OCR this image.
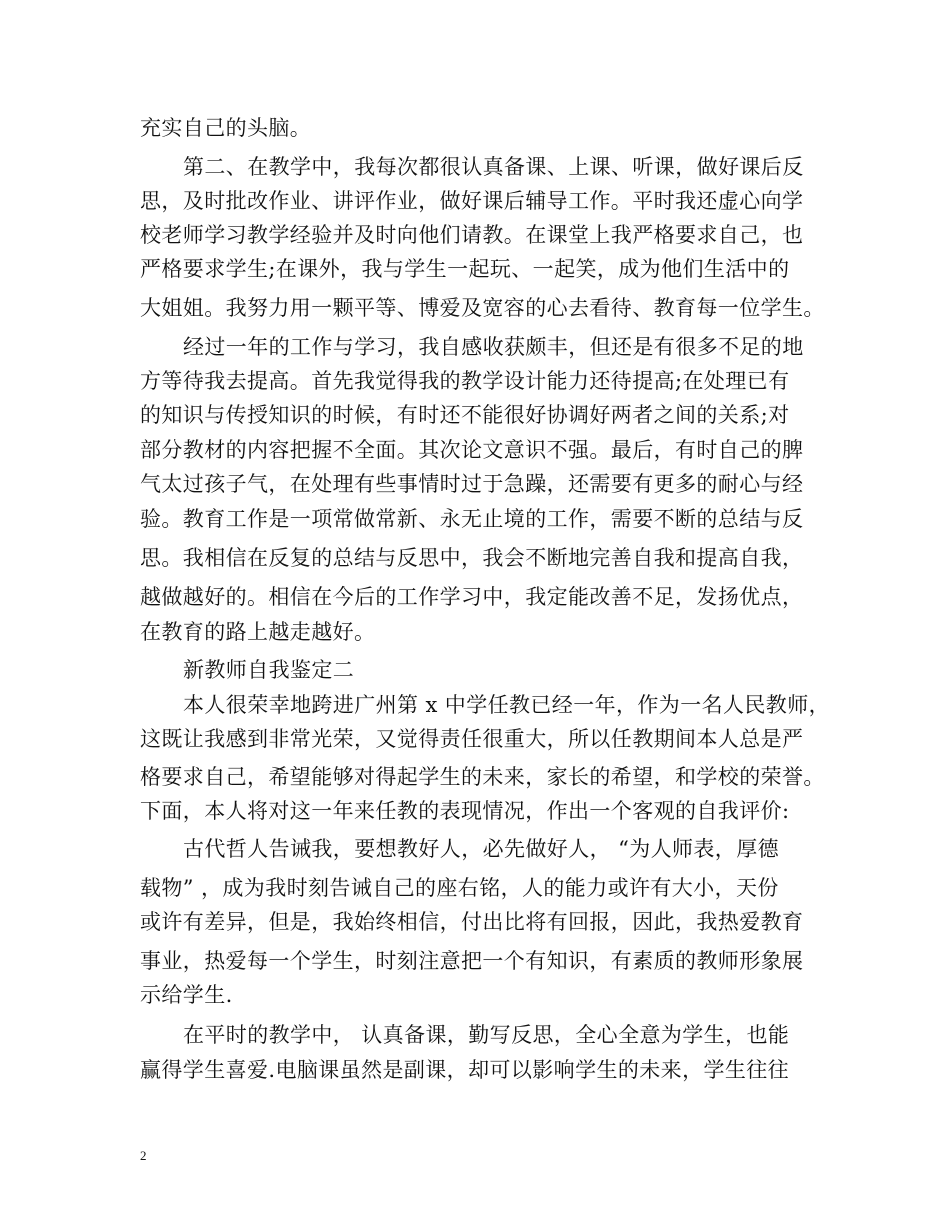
充实自己的头脑。
第二、在教学中，我每次都很认真备课、上课、听课，做好课后反
思，及时批改作业、讲评作业，做好课后辅导工作。平时我还虚心向学
校老师学习教学经验并及时向他们请教。在课堂上我严格要求自己，也
严格要求学生;在课外，我与学生一起玩、一起笑，成为他们生活中的
大姐姐。我努力用一颗平等、博爱及宽容的心去看待、教育每一位学生。
经过一年的工作与学习，我自感收获颇丰，但还是有很多不足的地
方等待我去提高。首先我觉得我的教学设计能力还待提高;在处理已有
的知识与传授知识的时候，有时还不能很好协调好两者之间的关系;对
部分教材的内容把握不全面。其次论文意识不强。最后，有时自己的脾
气太过孩子气，在处理有些事情时过于急躁，还需要有更多的耐心与经
验。教育工作是一项常做常新、永无止境的工作，需要不断的总结与反
思。我相信在反复的总结与反思中，我会不断地完善自我和提高自我，
越做越好的。相信在今后的工作学习中，我定能改善不足，发扬优点，
在教育的路上越走越好。
新教师自我鉴定二
本人很荣幸地跨进广州第 x 中学任教已经一年，作为一名人民教师，
这既让我感到非常光荣，又觉得责任很重大，所以任教期间本人总是严
格要求自己，希望能够对得起学生的未来，家长的希望，和学校的荣誉。
下面，本人将对这一年来任教的表现情况，作出一个客观的自我评价:
古代哲人告诫我，要想教好人，必先做好人， “为人师表，厚德
载物” ，成为我时刻告诫自己的座右铭，人的能力或许有大小，天份
或许有差异，但是，我始终相信，付出比将有回报，因此，我热爱教育
事业，热爱每一个学生，时刻注意把一个有知识，有素质的教师形象展
示给学生.
在平时的教学中， 认真备课，勤写反思，全心全意为学生，也能
赢得学生喜爱.电脑课虽然是副课，却可以影响学生的未来，学生往往
2
